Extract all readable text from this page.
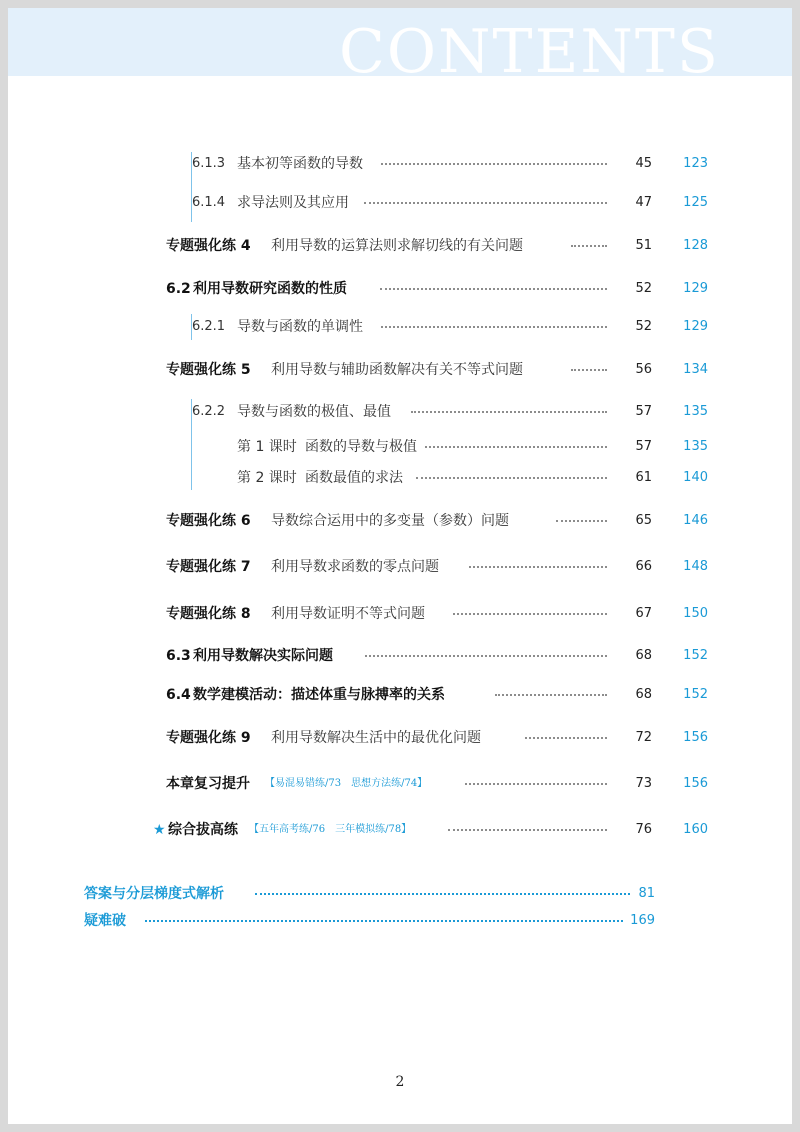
CONTENTS
6.1.3 基本初等函数的导数	45	123
6.1.4 求导法则及其应用	47	125
专题强化练 4 利用导数的运算法则求解切线的有关问题	51	128
6.2 利用导数研究函数的性质	52	129
6.2.1 导数与函数的单调性	52	129
专题强化练 5 利用导数与辅助函数解决有关不等式问题	56	134
6.2.2 导数与函数的极值、最值	57	135
第 1 课时 函数的导数与极值	57	135
第 2 课时 函数最值的求法	61	140
专题强化练 6 导数综合运用中的多变量（参数）问题	65	146
专题强化练 7 利用导数求函数的零点问题	66	148
专题强化练 8 利用导数证明不等式问题	67	150
6.3 利用导数解决实际问题	68	152
6.4 数学建模活动：描述体重与脉搏率的关系	68	152
专题强化练 9 利用导数解决生活中的最优化问题	72	156
本章复习提升 【易混易错练/73　思想方法练/74】	73	156
★ 综合拔高练 【五年高考练/76　三年模拟练/78】	76	160
答案与分层梯度式解析	81
疑难破	169
2
